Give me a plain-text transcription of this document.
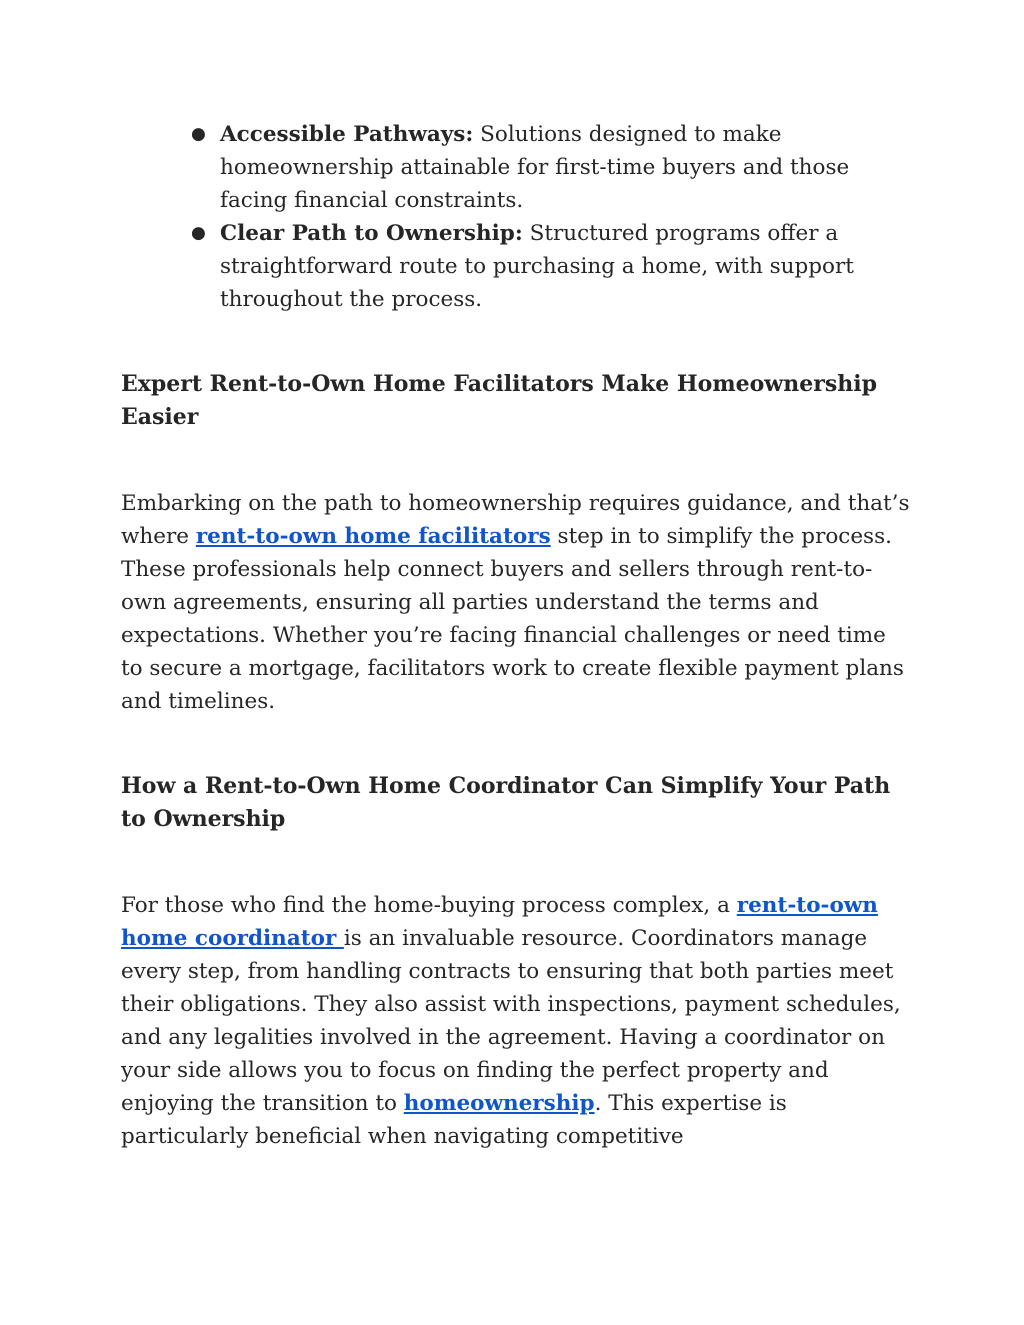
● Accessible Pathways: Solutions designed to make homeownership attainable for first-time buyers and those facing financial constraints.
● Clear Path to Ownership: Structured programs offer a straightforward route to purchasing a home, with support throughout the process.
Expert Rent-to-Own Home Facilitators Make Homeownership Easier

Embarking on the path to homeownership requires guidance, and that’s where rent-to-own home facilitators step in to simplify the process. These professionals help connect buyers and sellers through rent-to-own agreements, ensuring all parties understand the terms and expectations. Whether you’re facing financial challenges or need time to secure a mortgage, facilitators work to create flexible payment plans and timelines.

How a Rent-to-Own Home Coordinator Can Simplify Your Path to Ownership

For those who find the home-buying process complex, a rent-to-own home coordinator is an invaluable resource. Coordinators manage every step, from handling contracts to ensuring that both parties meet their obligations. They also assist with inspections, payment schedules, and any legalities involved in the agreement. Having a coordinator on your side allows you to focus on finding the perfect property and enjoying the transition to homeownership. This expertise is particularly beneficial when navigating competitive
